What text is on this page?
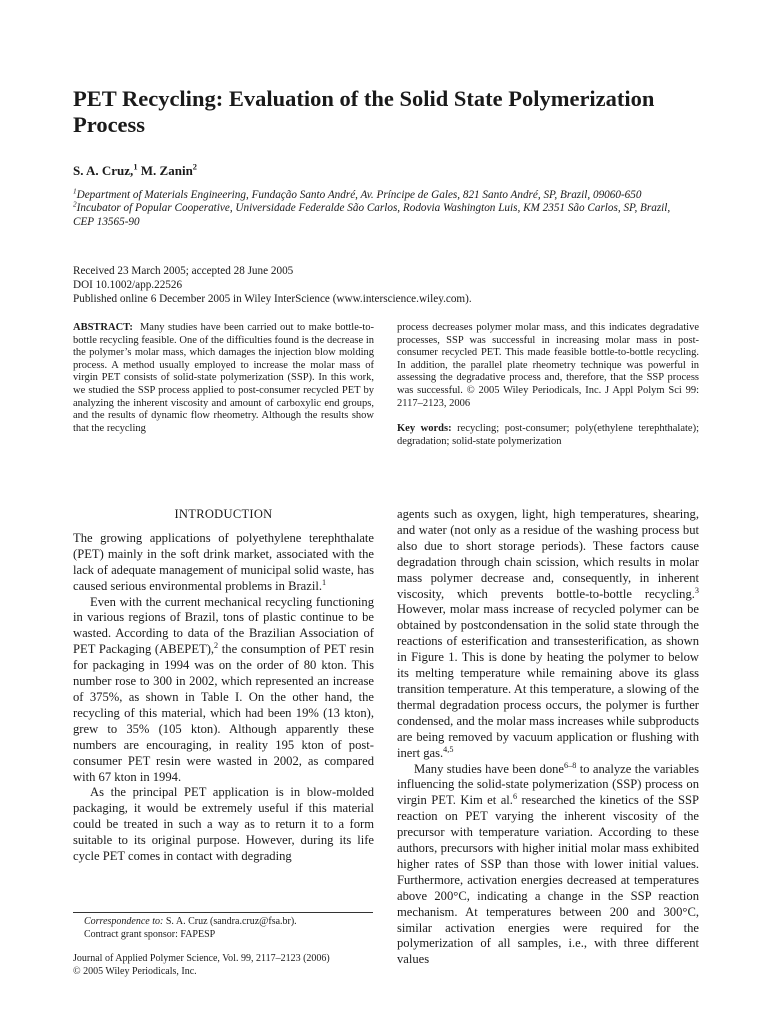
PET Recycling: Evaluation of the Solid State Polymerization Process
S. A. Cruz,$^1$ M. Zanin$^2$
$^1$Department of Materials Engineering, Fundação Santo André, Av. Príncipe de Gales, 821 Santo André, SP, Brazil, 09060-650
$^2$Incubator of Popular Cooperative, Universidade Federalde São Carlos, Rodovia Washington Luis, KM 2351 São Carlos, SP, Brazil, CEP 13565-90
Received 23 March 2005; accepted 28 June 2005
DOI 10.1002/app.22526
Published online 6 December 2005 in Wiley InterScience (www.interscience.wiley.com).
ABSTRACT: Many studies have been carried out to make bottle-to-bottle recycling feasible. One of the difficulties found is the decrease in the polymer’s molar mass, which damages the injection blow molding process. A method usually employed to increase the molar mass of virgin PET consists of solid-state polymerization (SSP). In this work, we studied the SSP process applied to post-consumer recycled PET by analyzing the inherent viscosity and amount of carboxylic end groups, and the results of dynamic flow rheometry. Although the results show that the recycling
process decreases polymer molar mass, and this indicates degradative processes, SSP was successful in increasing molar mass in post-consumer recycled PET. This made feasible bottle-to-bottle recycling. In addition, the parallel plate rheometry technique was powerful in assessing the degradative process and, therefore, that the SSP process was successful. © 2005 Wiley Periodicals, Inc. J Appl Polym Sci 99: 2117–2123, 2006
Key words: recycling; post-consumer; poly(ethylene terephthalate); degradation; solid-state polymerization
INTRODUCTION

The growing applications of polyethylene terephthalate (PET) mainly in the soft drink market, associated with the lack of adequate management of municipal solid waste, has caused serious environmental problems in Brazil.$^1$

Even with the current mechanical recycling functioning in various regions of Brazil, tons of plastic continue to be wasted. According to data of the Brazilian Association of PET Packaging (ABEPET),$^2$ the consumption of PET resin for packaging in 1994 was on the order of 80 kton. This number rose to 300 in 2002, which represented an increase of 375%, as shown in Table I. On the other hand, the recycling of this material, which had been 19% (13 kton), grew to 35% (105 kton). Although apparently these numbers are encouraging, in reality 195 kton of post-consumer PET resin were wasted in 2002, as compared with 67 kton in 1994.

As the principal PET application is in blow-molded packaging, it would be extremely useful if this material could be treated in such a way as to return it to a form suitable to its original purpose. However, during its life cycle PET comes in contact with degrading

agents such as oxygen, light, high temperatures, shearing, and water (not only as a residue of the washing process but also due to short storage periods). These factors cause degradation through chain scission, which results in molar mass polymer decrease and, consequently, in inherent viscosity, which prevents bottle-to-bottle recycling.$^3$ However, molar mass increase of recycled polymer can be obtained by postcondensation in the solid state through the reactions of esterification and transesterification, as shown in Figure 1. This is done by heating the polymer to below its melting temperature while remaining above its glass transition temperature. At this temperature, a slowing of the thermal degradation process occurs, the polymer is further condensed, and the molar mass increases while subproducts are being removed by vacuum application or flushing with inert gas.$^{4,5}$

Many studies have been done$^{6-8}$ to analyze the variables influencing the solid-state polymerization (SSP) process on virgin PET. Kim et al.$^6$ researched the kinetics of the SSP reaction on PET varying the inherent viscosity of the precursor with temperature variation. According to these authors, precursors with higher initial molar mass exhibited higher rates of SSP than those with lower initial values. Furthermore, activation energies decreased at temperatures above 200°C, indicating a change in the SSP reaction mechanism. At temperatures between 200 and 300°C, similar activation energies were required for the polymerization of all samples, i.e., with three different values

Correspondence to: S. A. Cruz (sandra.cruz@fsa.br).
Contract grant sponsor: FAPESP
Journal of Applied Polymer Science, Vol. 99, 2117–2123 (2006)
© 2005 Wiley Periodicals, Inc.
